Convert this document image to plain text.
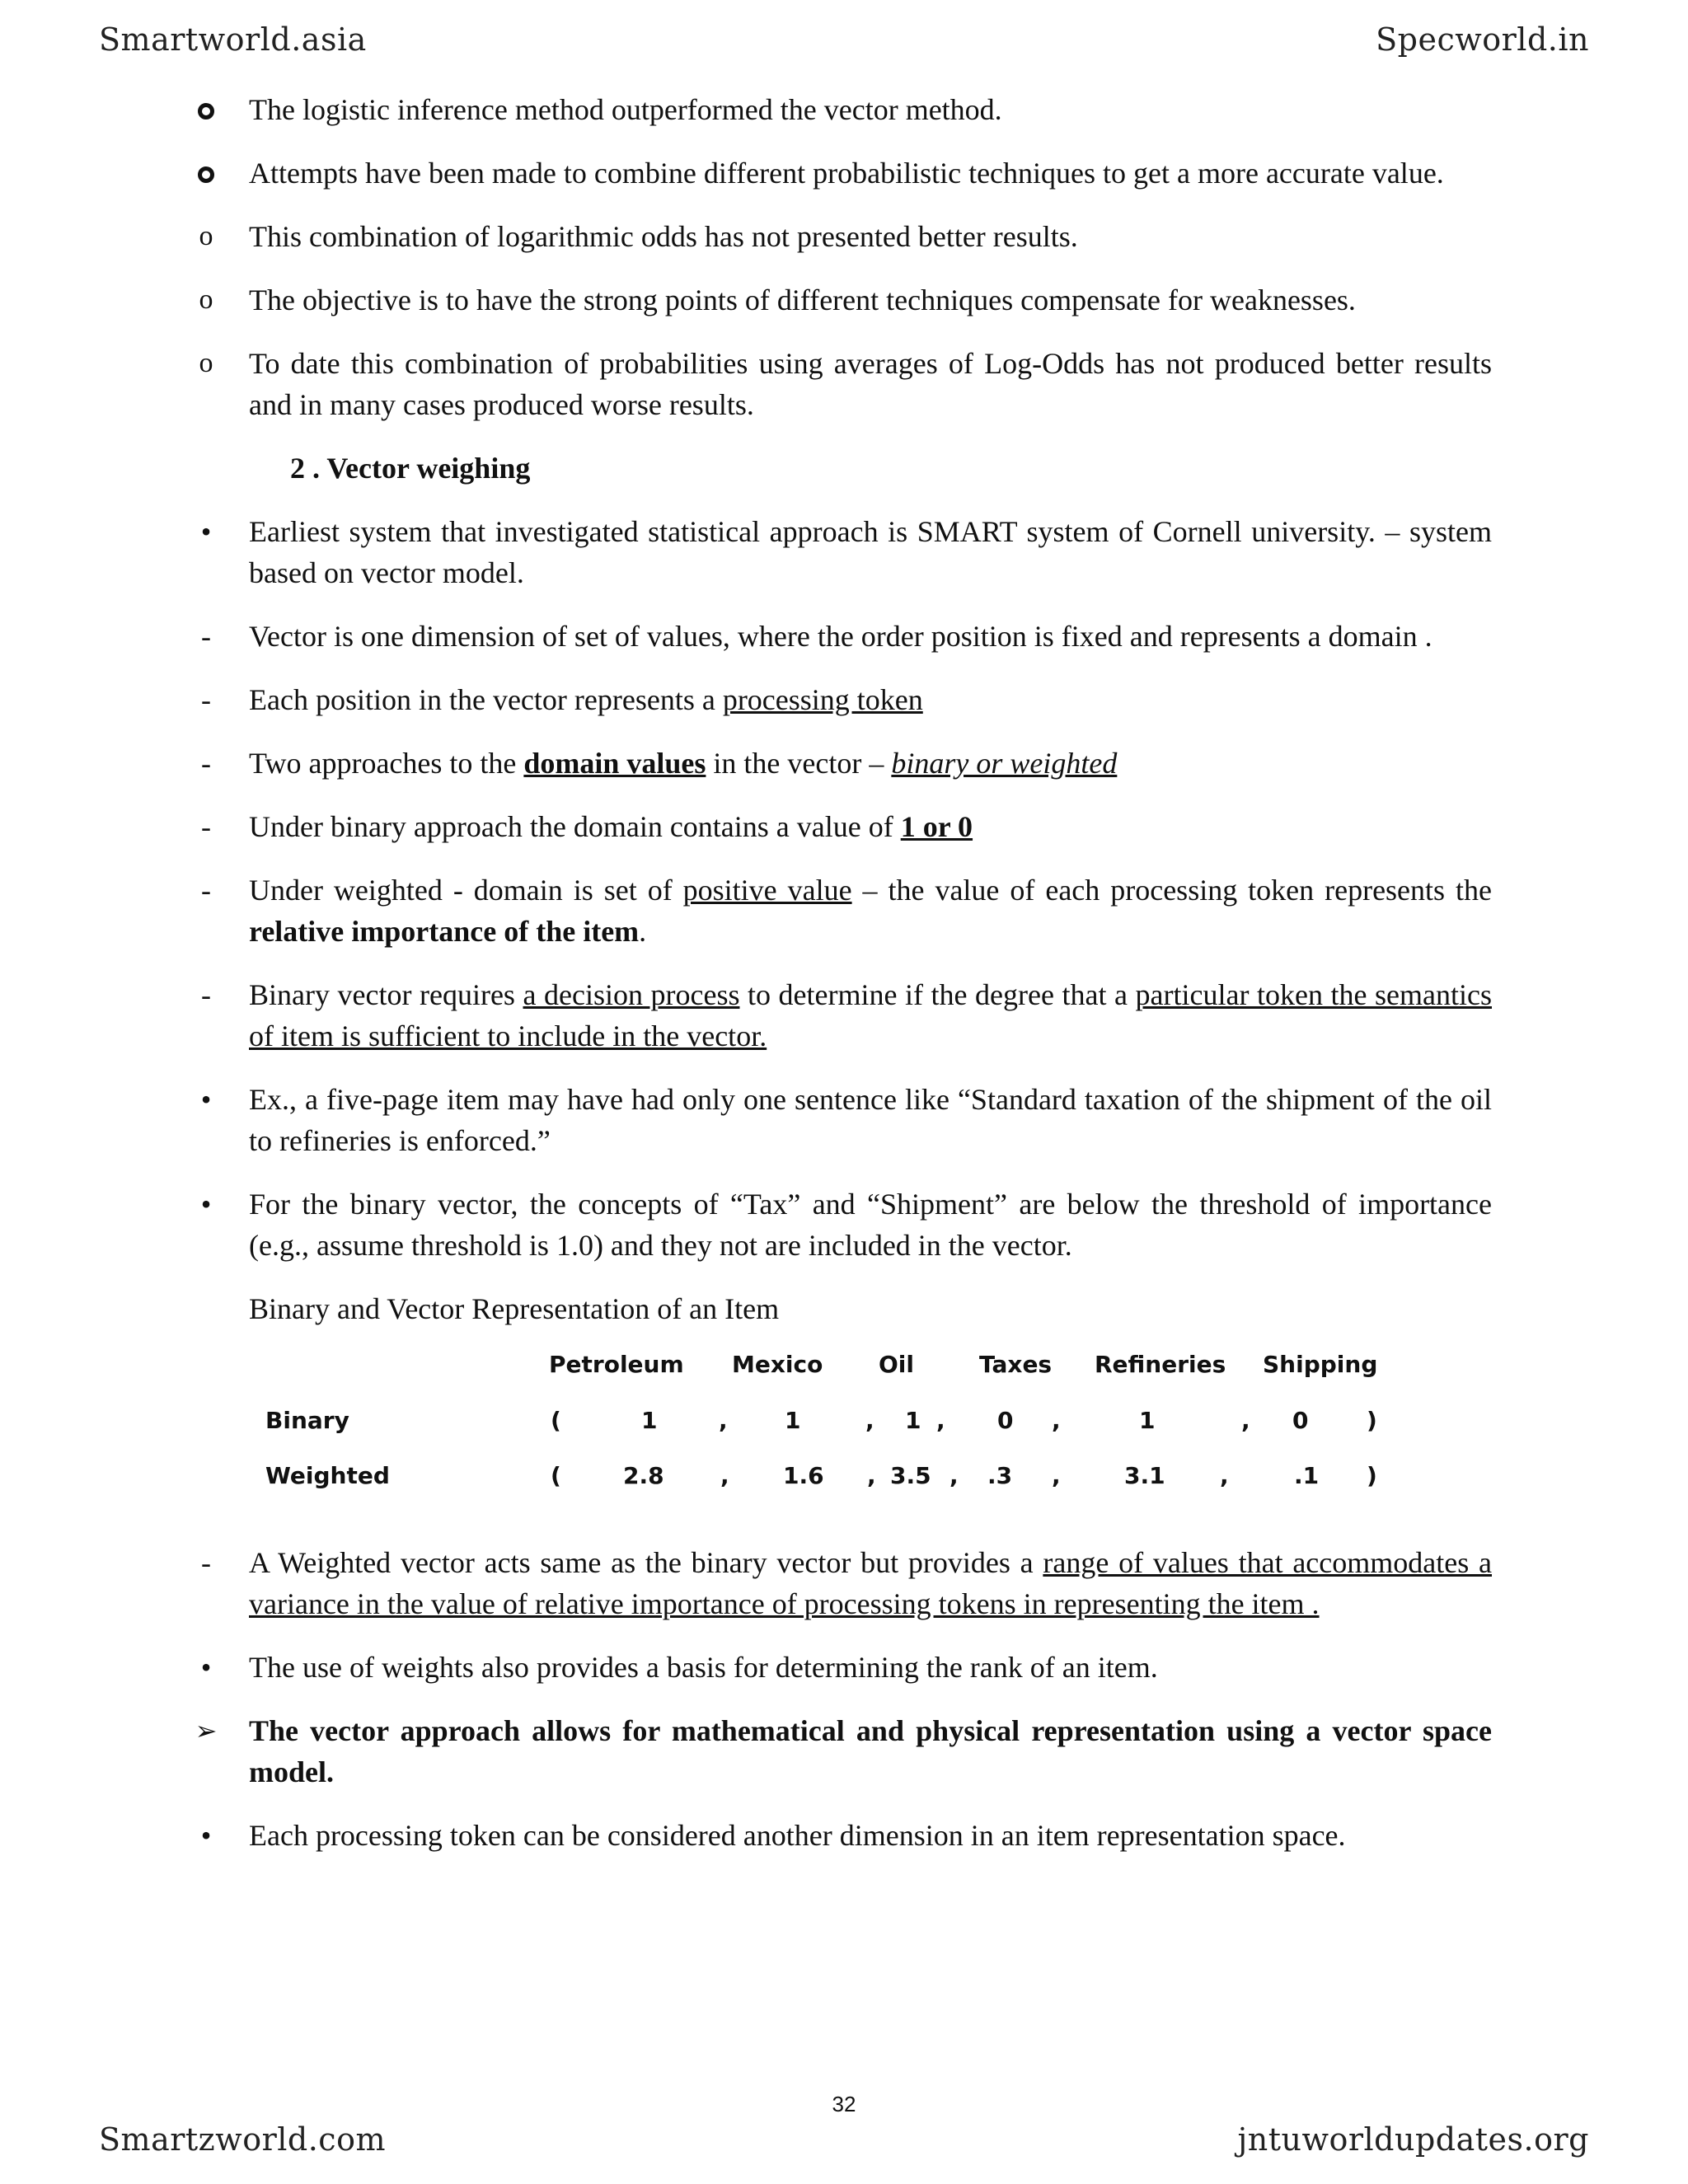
Smartworld.asia	Specworld.in
The logistic inference method outperformed the vector method.
Attempts have been made to combine different probabilistic techniques to get a more accurate value.
o	This combination of logarithmic odds has not presented better results.
o	The objective is to have the strong points of different techniques compensate for weaknesses.
o	To date this combination of probabilities using averages of Log-Odds has not produced better results and in many cases produced worse results.
2 . Vector weighing
•	Earliest system that investigated statistical approach is SMART system of Cornell university. – system based on vector model.
-	Vector is one dimension of set of values, where the order position is fixed and represents a domain .
-	Each position in the vector represents a processing token
-	Two approaches to the domain values in the vector – binary or weighted
-	Under binary approach the domain contains a value of 1 or 0
-	Under weighted - domain is set of positive value – the value of each processing token represents the relative importance of the item.
-	Binary vector requires a decision process to determine if the degree that a particular token the semantics of item is sufficient to include in the vector.
•	Ex., a five-page item may have had only one sentence like “Standard taxation of the shipment of the oil to refineries is enforced.”
•	For the binary vector, the concepts of “Tax” and “Shipment” are below the threshold of importance (e.g., assume threshold is 1.0) and they not are included in the vector.
Binary and Vector Representation of an Item
Petroleum Mexico Oil	Taxes Refineries Shipping
Binary	(	1	, 1	, 1 , 0 ,	1	, 0	)
Weighted	(	2.8 , 1.6 , 3.5 , .3 ,	3.1 ,	.1 )
-	A Weighted vector acts same as the binary vector but provides a range of values that accommodates a variance in the value of relative importance of processing tokens in representing the item .
•	The use of weights also provides a basis for determining the rank of an item.
➢ The vector approach allows for mathematical and physical representation using a vector space model.
•	Each processing token can be considered another dimension in an item representation space.
32
Smartzworld.com	jntuworldupdates.org
